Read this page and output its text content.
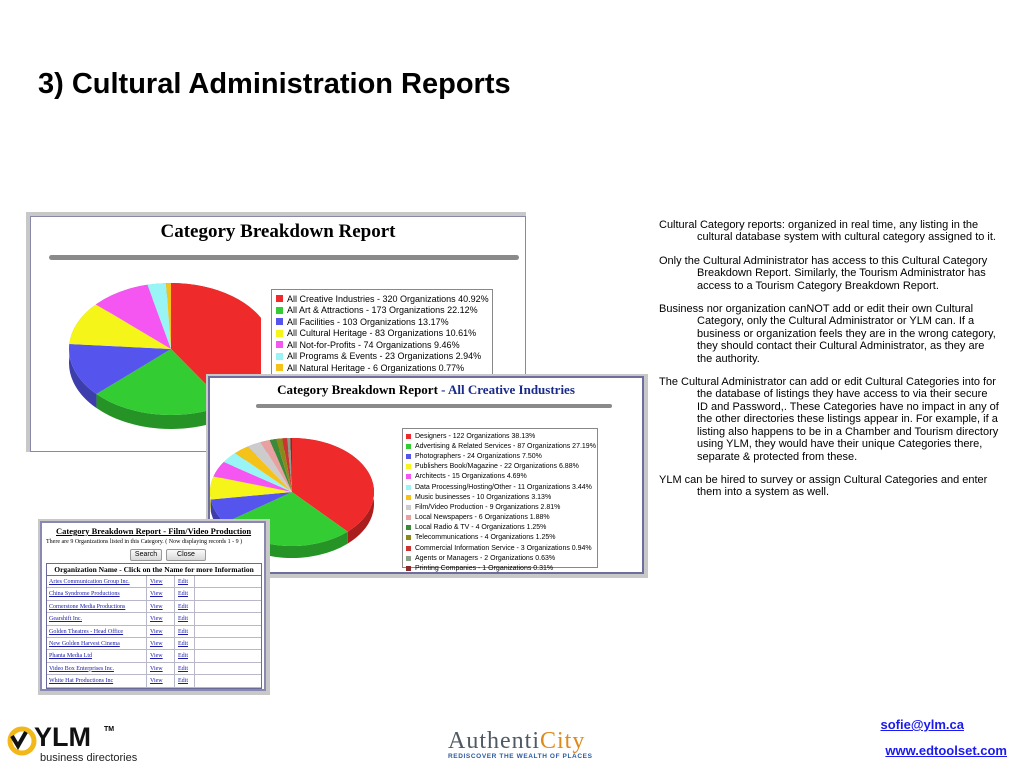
3) Cultural Administration Reports
Category Breakdown Report
All Creative Industries - 320 Organizations 40.92%
All Art & Attractions - 173 Organizations 22.12%
All Facilities - 103 Organizations 13.17%
All Cultural Heritage - 83 Organizations 10.61%
All Not-for-Profits - 74 Organizations 9.46%
All Programs & Events - 23 Organizations 2.94%
All Natural Heritage - 6 Organizations 0.77%
Category Breakdown Report - All Creative Industries
Designers - 122 Organizations 38.13%
Advertising & Related Services - 87 Organizations 27.19%
Photographers - 24 Organizations 7.50%
Publishers Book/Magazine - 22 Organizations 6.88%
Architects - 15 Organizations 4.69%
Data Processing/Hosting/Other - 11 Organizations 3.44%
Music businesses - 10 Organizations 3.13%
Film/Video Production - 9 Organizations 2.81%
Local Newspapers - 6 Organizations 1.88%
Local Radio & TV - 4 Organizations 1.25%
Telecommunications - 4 Organizations 1.25%
Commercial Information Service - 3 Organizations 0.94%
Agents or Managers - 2 Organizations 0.63%
Printing Companies - 1 Organizations 0.31%
Category Breakdown Report - Film/Video Production
There are 9 Organizations listed in this Category. ( Now displaying records 1 - 9 )
Search	Close
Organization Name - Click on the Name for more Information
Aries Communication Group Inc.	View	Edit
China Syndrome Productions	View	Edit
Cornerstone Media Productions	View	Edit
Gearshift Inc.	View	Edit
Golden Theatres - Head Office	View	Edit
New Golden Harvest Cinema	View	Edit
Phanta Media Ltd	View	Edit
Video Box Enterprises Inc.	View	Edit
White Hat Productions Inc	View	Edit

Cultural Category reports: organized in real time, any listing in the cultural database system with cultural category assigned to it.

Only the Cultural Administrator has access to this Cultural Category Breakdown Report. Similarly, the Tourism Administrator has access to a Tourism Category Breakdown Report.

Business nor organization canNOT add or edit their own Cultural Category, only the Cultural Administrator or YLM can. If a business or organization feels they are in the wrong category, they should contact their Cultural Administrator, as they are the authority.

The Cultural Administrator can add or edit Cultural Categories into for the database of listings they have access to via their secure ID and Password,. These Categories have no impact in any of the other directories these listings appear in. For example, if a listing also happens to be in a Chamber and Tourism directory using YLM, they would have their unique Categories there, separate & protected from these.

YLM can be hired to survey or assign Cultural Categories and enter them into a system as well.

YLM TM
business directories
AuthentiCity
REDISCOVER THE WEALTH OF PLACES
sofie@ylm.ca
www.edtoolset.com
